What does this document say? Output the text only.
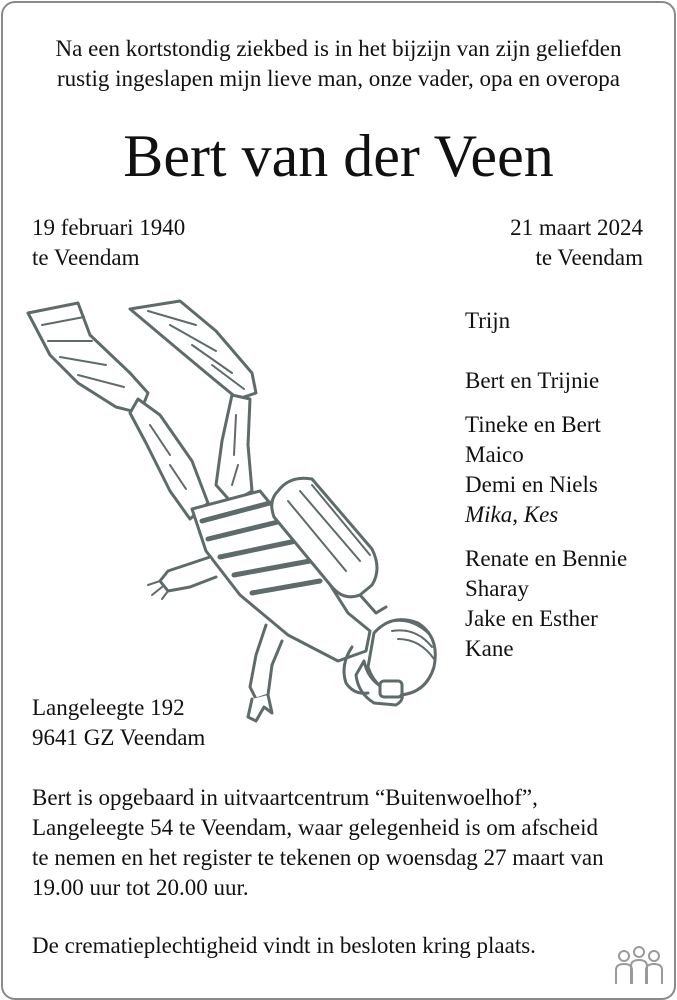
Na een kortstondig ziekbed is in het bijzijn van zijn geliefden
rustig ingeslapen mijn lieve man, onze vader, opa en overopa
Bert van der Veen
19 februari 1940
te Veendam
21 maart 2024
te Veendam
Trijn
Bert en Trijnie
Tineke en Bert
Maico
Demi en Niels
Mika, Kes
Renate en Bennie
Sharay
Jake en Esther
Kane
Langeleegte 192
9641 GZ Veendam
Bert is opgebaard in uitvaartcentrum “Buitenwoelhof”,
Langeleegte 54 te Veendam, waar gelegenheid is om afscheid
te nemen en het register te tekenen op woensdag 27 maart van
19.00 uur tot 20.00 uur.
De crematieplechtigheid vindt in besloten kring plaats.
